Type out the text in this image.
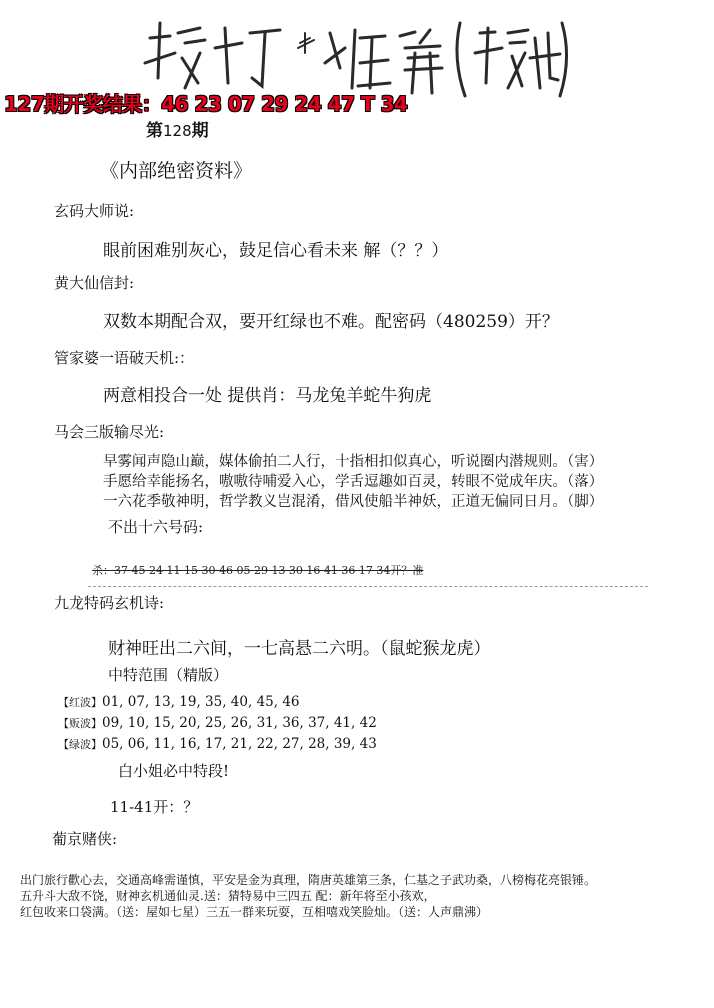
精打*细算(精版)
127期开奖结果：46 23 07 29 24 47 T 34
第128期
《内部绝密资料》
玄码大师说:
眼前困难别灰心，鼓足信心看未来 解（？？）
黄大仙信封:
双数本期配合双，要开红绿也不难。配密码（480259）开？
管家婆一语破天机:：
两意相投合一处 提供肖：马龙兔羊蛇牛狗虎
马会三版输尽光:
早雾闻声隐山巅，媒体偷拍二人行，十指相扣似真心，听说圈内潜规则。（害）
手愿给幸能扬名，嗷嗷待哺爱入心，学舌逗趣如百灵，转眼不觉成年庆。（落）
一六花季敬神明，哲学教义岂混淆，借风使船半神妖，正道无偏同日月。（脚）
不出十六号码:
杀：37 45 24 11 15 30 46 05 29 13 30 16 41 36 17 34开？准
九龙特码玄机诗:
财神旺出二六间，一七高悬二六明。（鼠蛇猴龙虎）
中特范围（精版）
【红波】01, 07, 13, 19, 35, 40, 45, 46
【贩波】09, 10, 15, 20, 25, 26, 31, 36, 37, 41, 42
【绿波】05, 06, 11, 16, 17, 21, 22, 27, 28, 39, 43
白小姐必中特段!
11-41开：？
葡京赌侠:
出门旅行歡心去，交通高峰需谨慎，平安是金为真理，隋唐英雄第三条，仁基之子武功桑，八榜梅花亮银锤。
五升斗大敌不饶，财神玄机通仙灵.送：猜特易中三四五 配：新年将至小孩欢，
红包收来口袋满。（送：屋如七星）三五一群来玩耍，互相嘻戏笑脸灿。（送：人声鼎沸）
